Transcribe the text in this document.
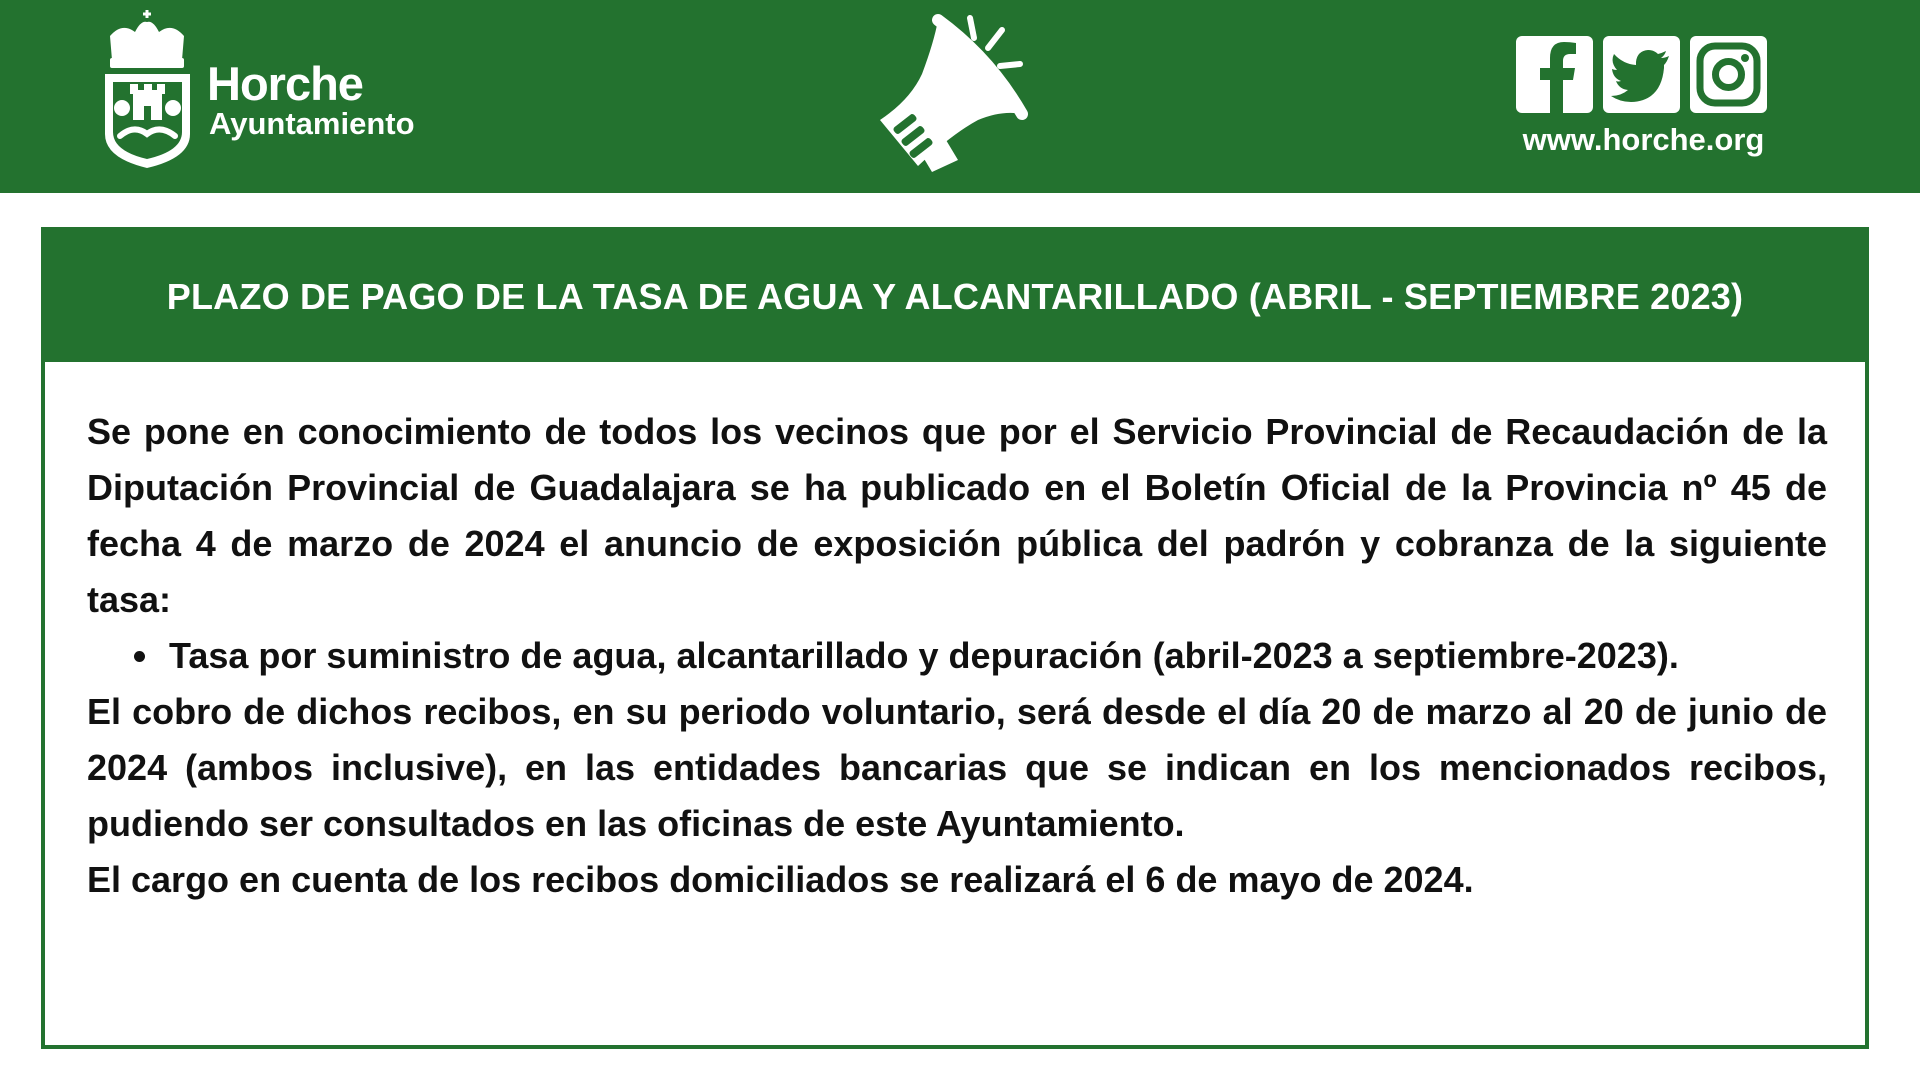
Horche
Ayuntamiento	www.horche.org
PLAZO DE PAGO DE LA TASA DE AGUA Y ALCANTARILLADO (ABRIL - SEPTIEMBRE 2023)

Se pone en conocimiento de todos los vecinos que por el Servicio Provincial de Recaudación de la Diputación Provincial de Guadalajara se ha publicado en el Boletín Oficial de la Provincia nº 45 de fecha 4 de marzo de 2024 el anuncio de exposición pública del padrón y cobranza de la siguiente tasa:

• Tasa por suministro de agua, alcantarillado y depuración (abril-2023 a septiembre-2023).

El cobro de dichos recibos, en su periodo voluntario, será desde el día 20 de marzo al 20 de junio de 2024 (ambos inclusive), en las entidades bancarias que se indican en los mencionados recibos, pudiendo ser consultados en las oficinas de este Ayuntamiento.

El cargo en cuenta de los recibos domiciliados se realizará el 6 de mayo de 2024.
